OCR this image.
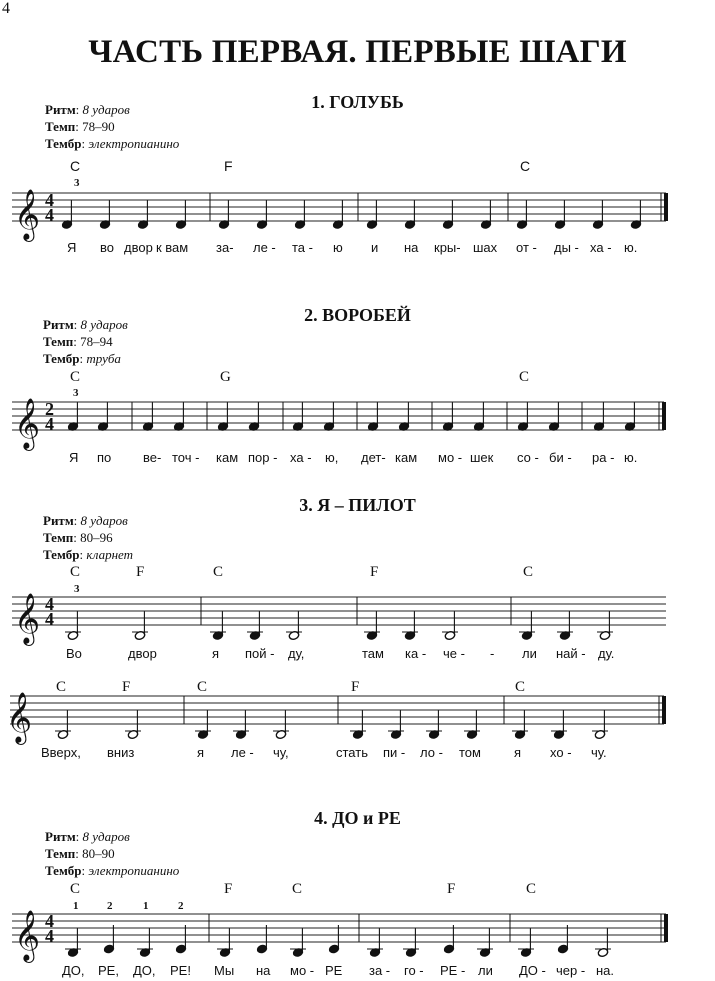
4
ЧАСТЬ ПЕРВАЯ. ПЕРВЫЕ ШАГИ
1. ГОЛУБЬ
Ритм: 8 ударов
Темп: 78–90
Тембр: электропианино
C	F	C
3
𝄞 4
4
Я во двор к вам за- ле - та - ю и на кры- шах от - ды - ха - ю.
2. ВОРОБЕЙ
Ритм: 8 ударов
Темп: 78–94
Тембр: труба
C	G	C
3
𝄞 2
4
Я по ве- точ - кам пор - ха - ю, дет- кам мо - шек со - би - ра - ю.
3. Я – ПИЛОТ
Ритм: 8 ударов
Темп: 80–96
Тембр: кларнет
C	F	C	F	C
3
𝄞 4
4
Во	двор	я пой - ду,	там ка - че - - ли най - ду.
C	F	C	F	C
𝄞
Вверх, вниз	я ле - чу,	стать пи - ло - том	я хо - чу.
4. ДО и РЕ
Ритм: 8 ударов
Темп: 80–90
Тембр: электропианино
C	F	C	F	C
1	2	1	2
𝄞 4
4
ДО, РЕ, ДО, РЕ! Мы на мо - РЕ за - го - РЕ - ли ДО - чер - на.
